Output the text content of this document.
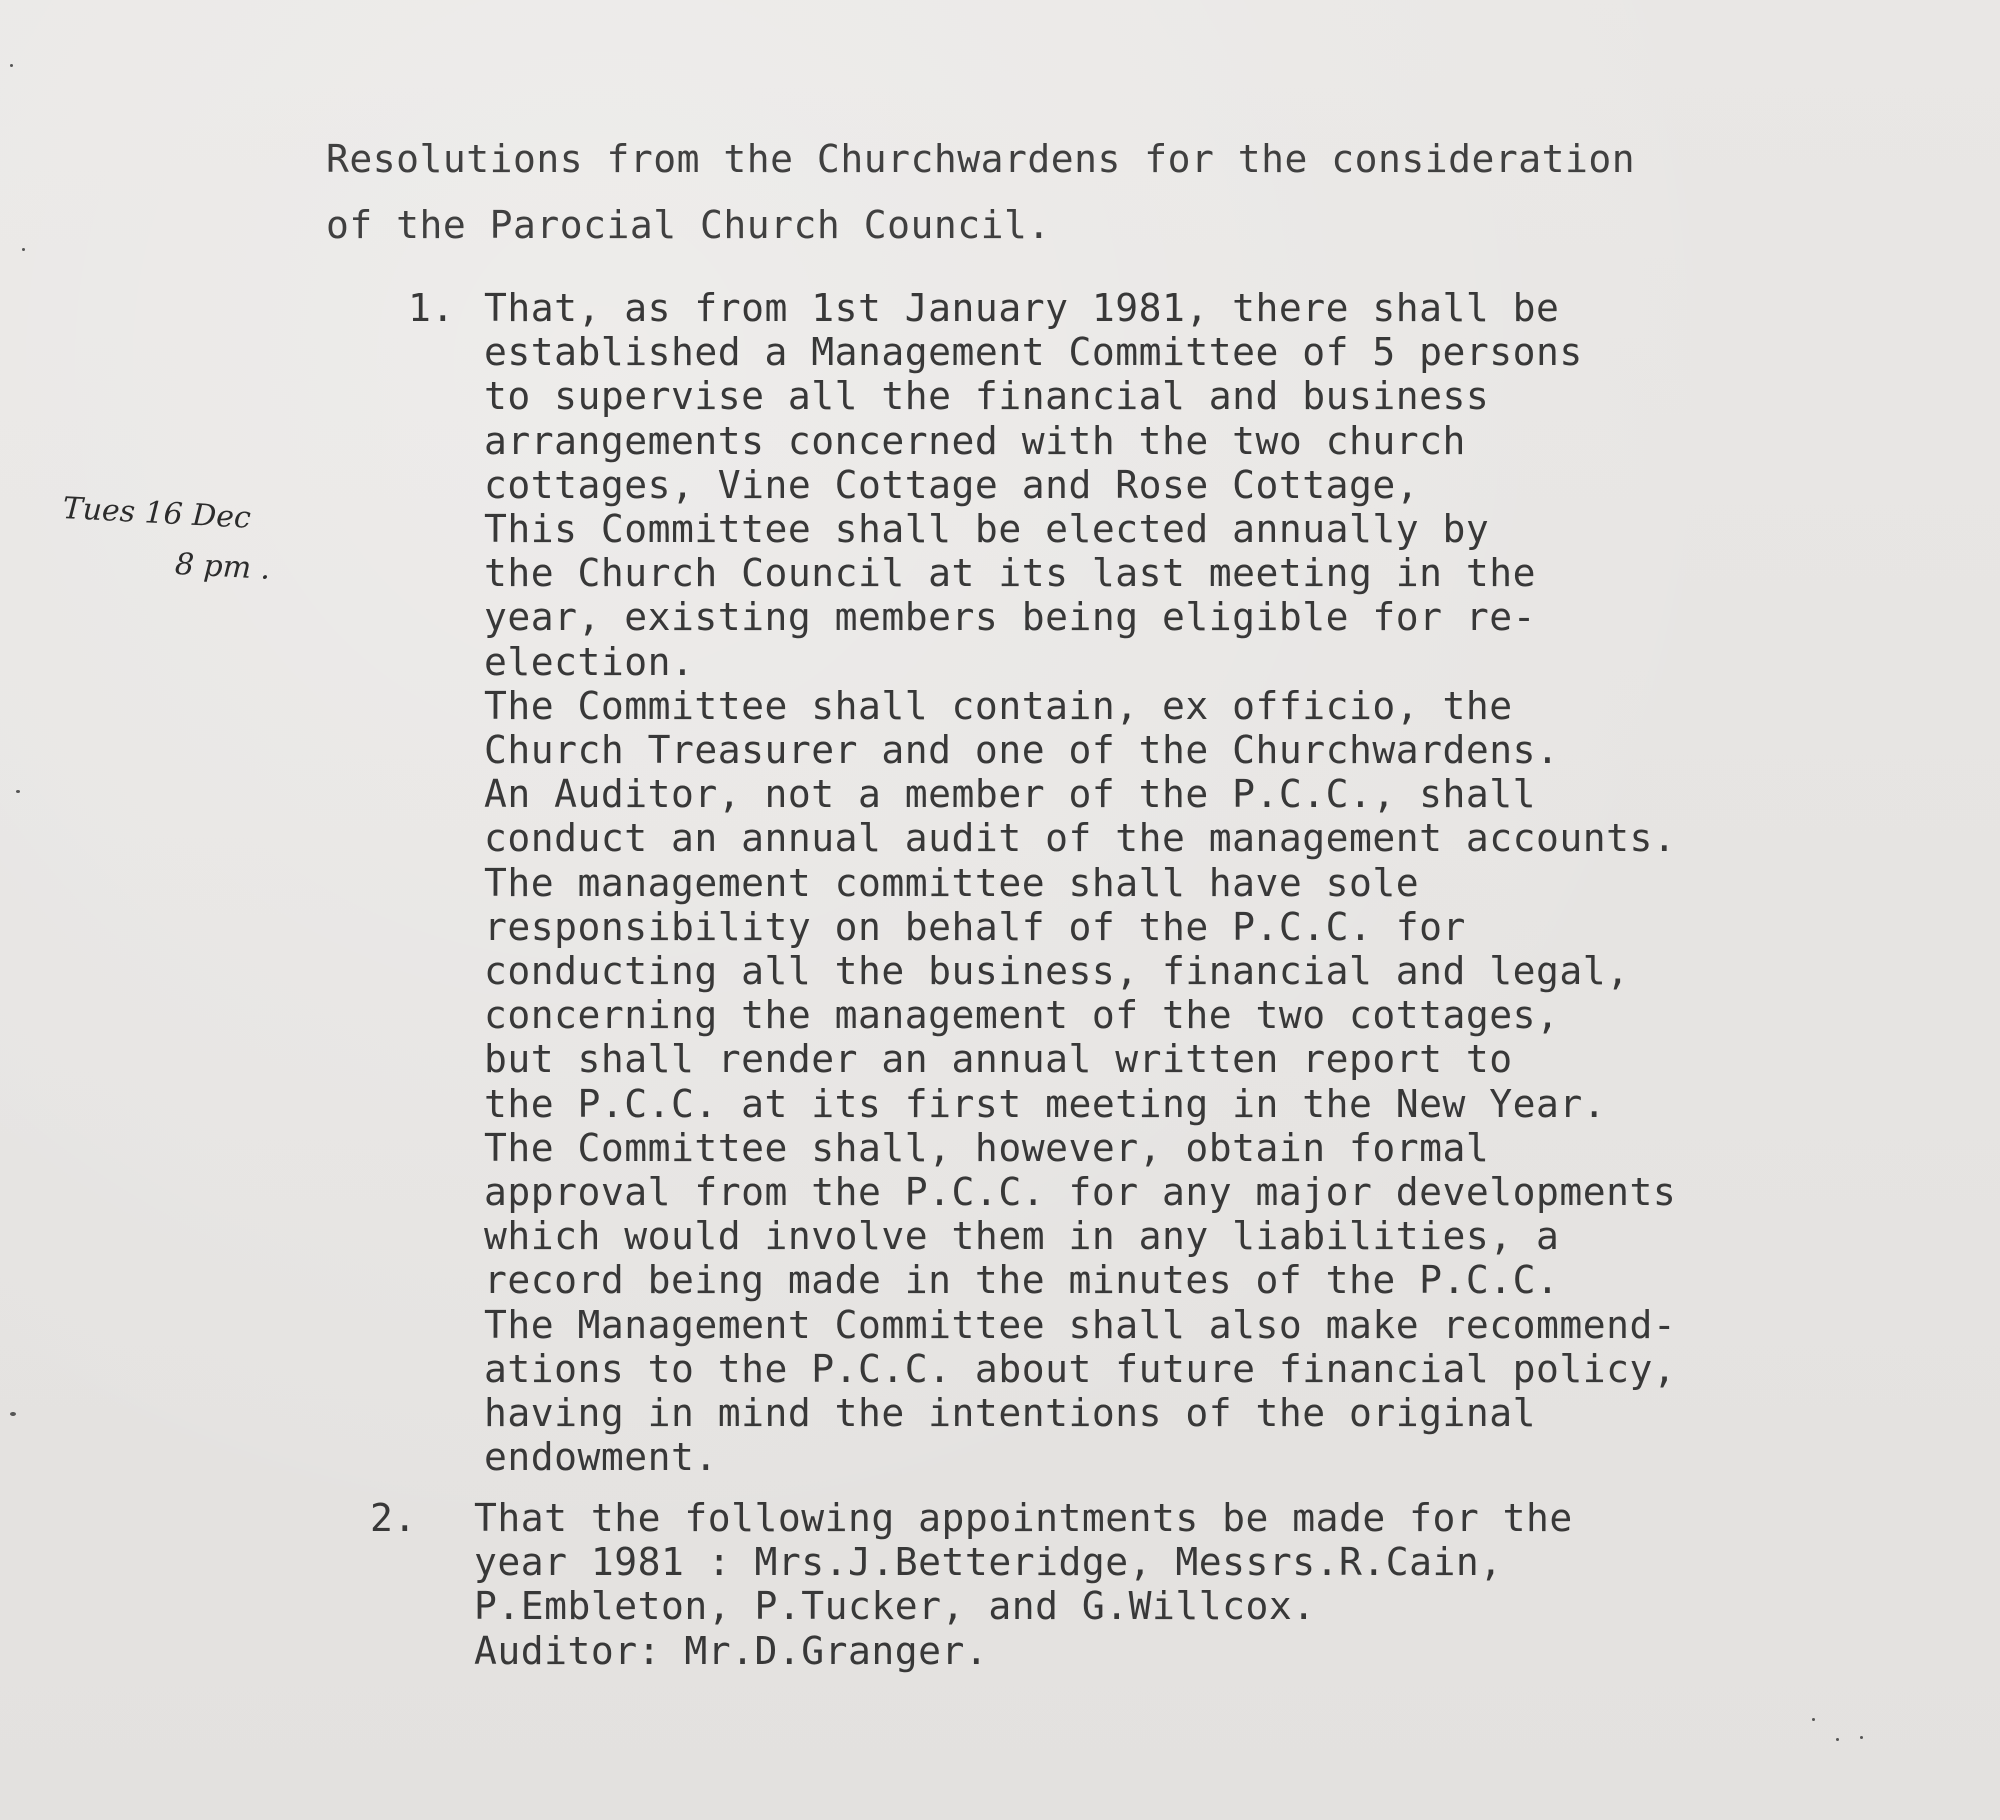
Resolutions from the Churchwardens for the consideration
of the Parocial Church Council.
Tues 16 Dec
8 pm .
1. That, as from 1st January 1981, there shall be
established a Management Committee of 5 persons
to supervise all the financial and business
arrangements concerned with the two church
cottages, Vine Cottage and Rose Cottage,
This Committee shall be elected annually by
the Church Council at its last meeting in the
year, existing members being eligible for re-
election.
The Committee shall contain, ex officio, the
Church Treasurer and one of the Churchwardens.
An Auditor, not a member of the P.C.C., shall
conduct an annual audit of the management accounts.
The management committee shall have sole
responsibility on behalf of the P.C.C. for
conducting all the business, financial and legal,
concerning the management of the two cottages,
but shall render an annual written report to
the P.C.C. at its first meeting in the New Year.
The Committee shall, however, obtain formal
approval from the P.C.C. for any major developments
which would involve them in any liabilities, a
record being made in the minutes of the P.C.C.
The Management Committee shall also make recommend-
ations to the P.C.C. about future financial policy,
having in mind the intentions of the original
endowment.
2. That the following appointments be made for the
year 1981 : Mrs.J.Betteridge, Messrs.R.Cain,
P.Embleton, P.Tucker, and G.Willcox.
Auditor: Mr.D.Granger.
